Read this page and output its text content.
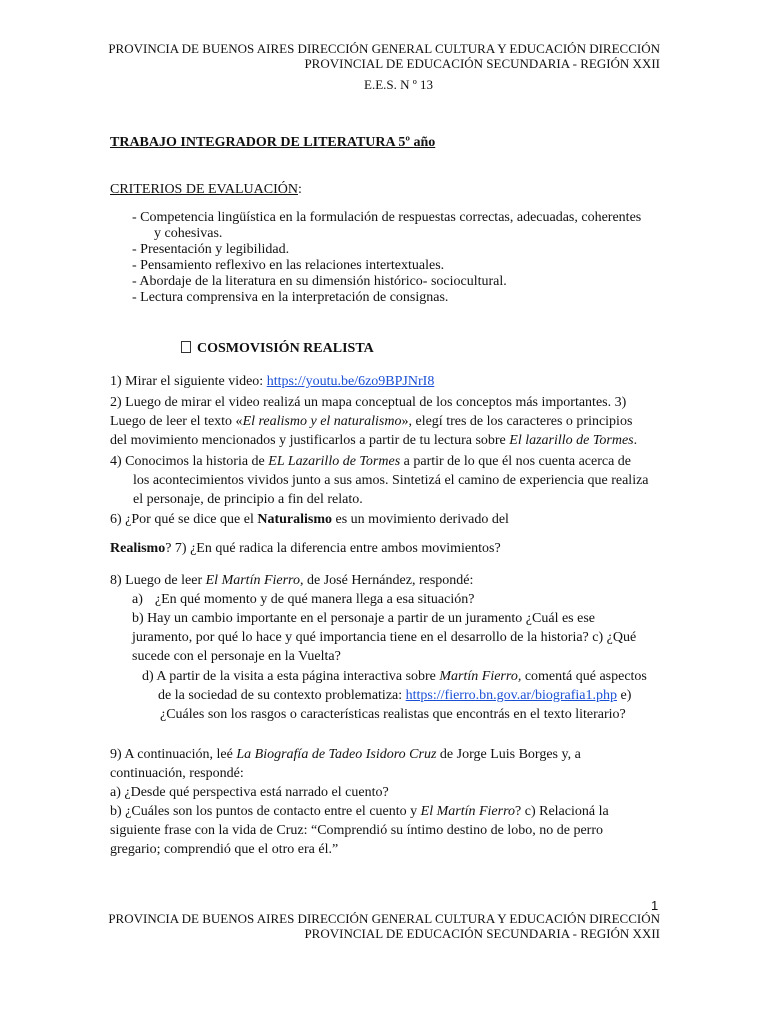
PROVINCIA DE BUENOS AIRES DIRECCIÓN GENERAL CULTURA Y EDUCACIÓN DIRECCIÓN
PROVINCIAL DE EDUCACIÓN SECUNDARIA - REGIÓN XXII
E.E.S. N º 13
TRABAJO INTEGRADOR DE LITERATURA 5º año
CRITERIOS DE EVALUACIÓN:
- Competencia lingüística en la formulación de respuestas correctas, adecuadas, coherentes
y cohesivas.
- Presentación y legibilidad.
- Pensamiento reflexivo en las relaciones intertextuales.
- Abordaje de la literatura en su dimensión histórico- sociocultural.
- Lectura comprensiva en la interpretación de consignas.
COSMOVISIÓN REALISTA
1) Mirar el siguiente video: https://youtu.be/6zo9BPJNrI8
2) Luego de mirar el video realizá un mapa conceptual de los conceptos más importantes. 3)
Luego de leer el texto «El realismo y el naturalismo», elegí tres de los caracteres o principios
del movimiento mencionados y justificarlos a partir de tu lectura sobre El lazarillo de Tormes.
4) Conocimos la historia de EL Lazarillo de Tormes a partir de lo que él nos cuenta acerca de
los acontecimientos vividos junto a sus amos. Sintetizá el camino de experiencia que realiza
el personaje, de principio a fin del relato.
6) ¿Por qué se dice que el Naturalismo es un movimiento derivado del
Realismo? 7) ¿En qué radica la diferencia entre ambos movimientos?
8) Luego de leer El Martín Fierro, de José Hernández, respondé:
a) ¿En qué momento y de qué manera llega a esa situación?
b) Hay un cambio importante en el personaje a partir de un juramento ¿Cuál es ese
juramento, por qué lo hace y qué importancia tiene en el desarrollo de la historia? c) ¿Qué
sucede con el personaje en la Vuelta?
d) A partir de la visita a esta página interactiva sobre Martín Fierro, comentá qué aspectos
de la sociedad de su contexto problematiza: https://fierro.bn.gov.ar/biografia1.php e)
¿Cuáles son los rasgos o características realistas que encontrás en el texto literario?
9) A continuación, leé La Biografía de Tadeo Isidoro Cruz de Jorge Luis Borges y, a
continuación, respondé:
a) ¿Desde qué perspectiva está narrado el cuento?
b) ¿Cuáles son los puntos de contacto entre el cuento y El Martín Fierro? c) Relacioná la
siguiente frase con la vida de Cruz: “Comprendió su íntimo destino de lobo, no de perro
gregario; comprendió que el otro era él.”
1
PROVINCIA DE BUENOS AIRES DIRECCIÓN GENERAL CULTURA Y EDUCACIÓN DIRECCIÓN
PROVINCIAL DE EDUCACIÓN SECUNDARIA - REGIÓN XXII
